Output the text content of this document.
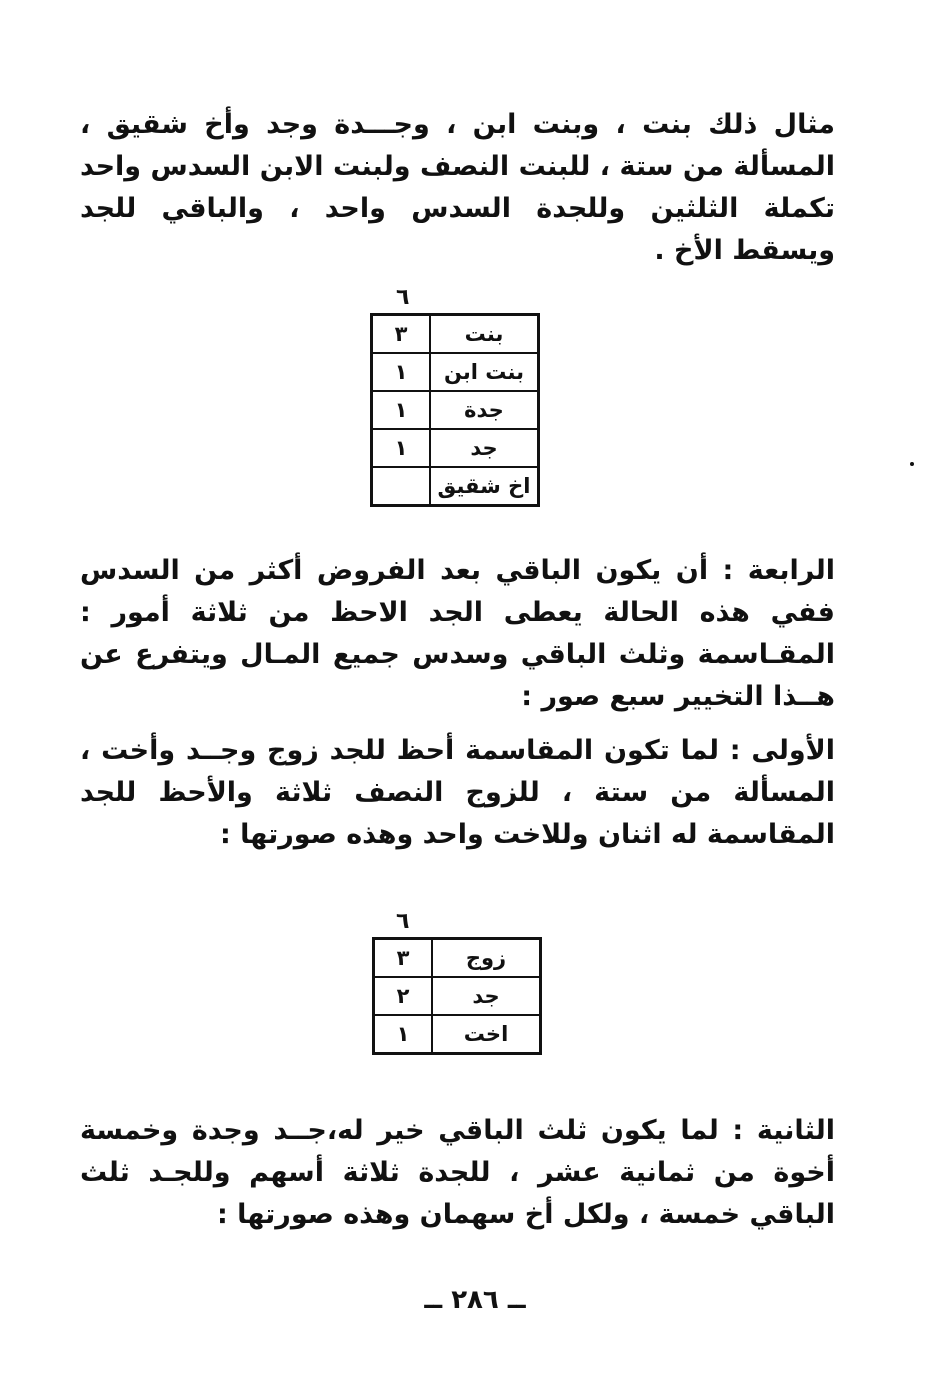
مثال ذلك بنت ، وبنت ابن ، وجـــدة وجد وأخ شقيق ، المسألة من ستة ، للبنت النصف ولبنت الابن السدس واحد تكملة الثلثين وللجدة السدس واحد ، والباقي للجد ويسقط الأخ .

٦
بنت	٣
بنت ابن	١
جدة	١
جد	١
اخ شقيق	

الرابعة : أن يكون الباقي بعد الفروض أكثر من السدس ففي هذه الحالة يعطى الجد الاحظ من ثلاثة أمور : المقـاسمة وثلث الباقي وسدس جميع المـال ويتفرع عن هــذا التخيير سبع صور :

الأولى : لما تكون المقاسمة أحظ للجد زوج وجــد وأخت ، المسألة من ستة ، للزوج النصف ثلاثة والأحظ للجد المقاسمة له اثنان وللاخت واحد وهذه صورتها :

٦
زوج	٣
جد	٢
اخت	١

الثانية : لما يكون ثلث الباقي خير له،جــد وجدة وخمسة أخوة من ثمانية عشر ، للجدة ثلاثة أسهم وللجـد ثلث الباقي خمسة ، ولكل أخ سهمان وهذه صورتها :

ــ ٢٨٦ ــ
